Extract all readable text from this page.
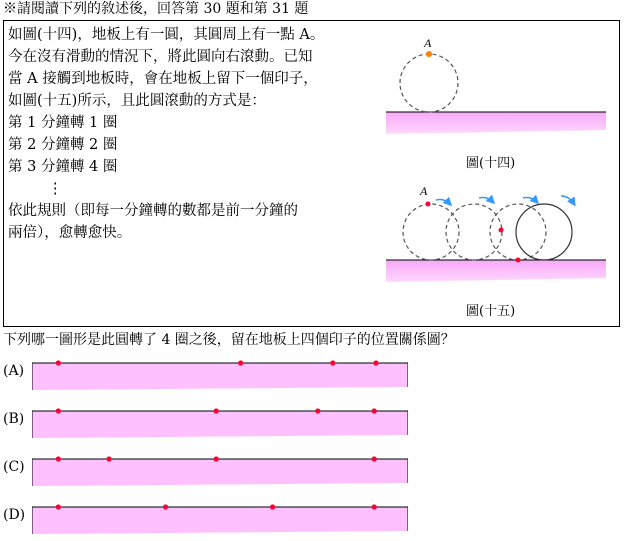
※請閱讀下列的敘述後，回答第 30 題和第 31 題
如圖(十四)，地板上有一圓，其圓周上有一點 A。
今在沒有滑動的情況下，將此圓向右滾動。已知
當 A 接觸到地板時，會在地板上留下一個印子，
如圖(十五)所示，且此圓滾動的方式是：
第 1 分鐘轉 1 圈
第 2 分鐘轉 2 圈
第 3 分鐘轉 4 圈
⋮
依此規則（即每一分鐘轉的數都是前一分鐘的
兩倍），愈轉愈快。
A
圖(十四)
A
圖(十五)
下列哪一圖形是此圓轉了 4 圈之後，留在地板上四個印子的位置關係圖？
(A)
(B)
(C)
(D)
